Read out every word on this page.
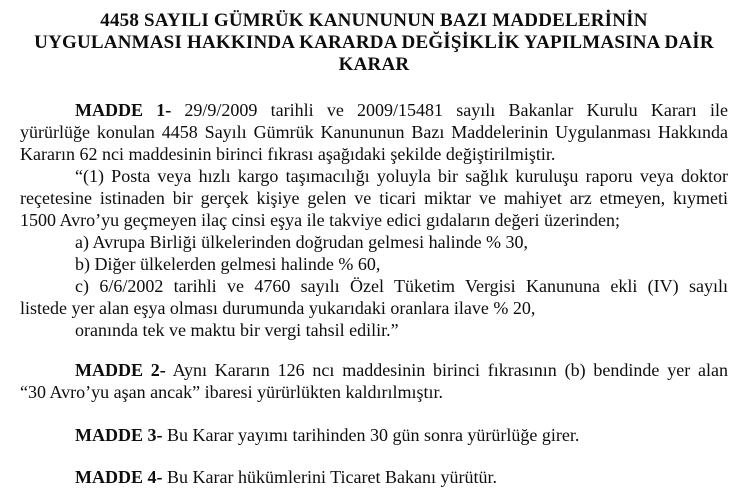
4458 SAYILI GÜMRÜK KANUNUNUN BAZI MADDELERİNİN
UYGULANMASI HAKKINDA KARARDA DEĞİŞİKLİK YAPILMASINA DAİR
KARAR
MADDE 1- 29/9/2009 tarihli ve 2009/15481 sayılı Bakanlar Kurulu Kararı ile
yürürlüğe konulan 4458 Sayılı Gümrük Kanununun Bazı Maddelerinin Uygulanması Hakkında
Kararın 62 nci maddesinin birinci fıkrası aşağıdaki şekilde değiştirilmiştir.
“(1) Posta veya hızlı kargo taşımacılığı yoluyla bir sağlık kuruluşu raporu veya doktor
reçetesine istinaden bir gerçek kişiye gelen ve ticari miktar ve mahiyet arz etmeyen, kıymeti
1500 Avro’yu geçmeyen ilaç cinsi eşya ile takviye edici gıdaların değeri üzerinden;
a) Avrupa Birliği ülkelerinden doğrudan gelmesi halinde % 30,
b) Diğer ülkelerden gelmesi halinde % 60,
c) 6/6/2002 tarihli ve 4760 sayılı Özel Tüketim Vergisi Kanununa ekli (IV) sayılı
listede yer alan eşya olması durumunda yukarıdaki oranlara ilave % 20,
oranında tek ve maktu bir vergi tahsil edilir.”
MADDE 2- Aynı Kararın 126 ncı maddesinin birinci fıkrasının (b) bendinde yer alan
“30 Avro’yu aşan ancak” ibaresi yürürlükten kaldırılmıştır.
MADDE 3- Bu Karar yayımı tarihinden 30 gün sonra yürürlüğe girer.
MADDE 4- Bu Karar hükümlerini Ticaret Bakanı yürütür.
